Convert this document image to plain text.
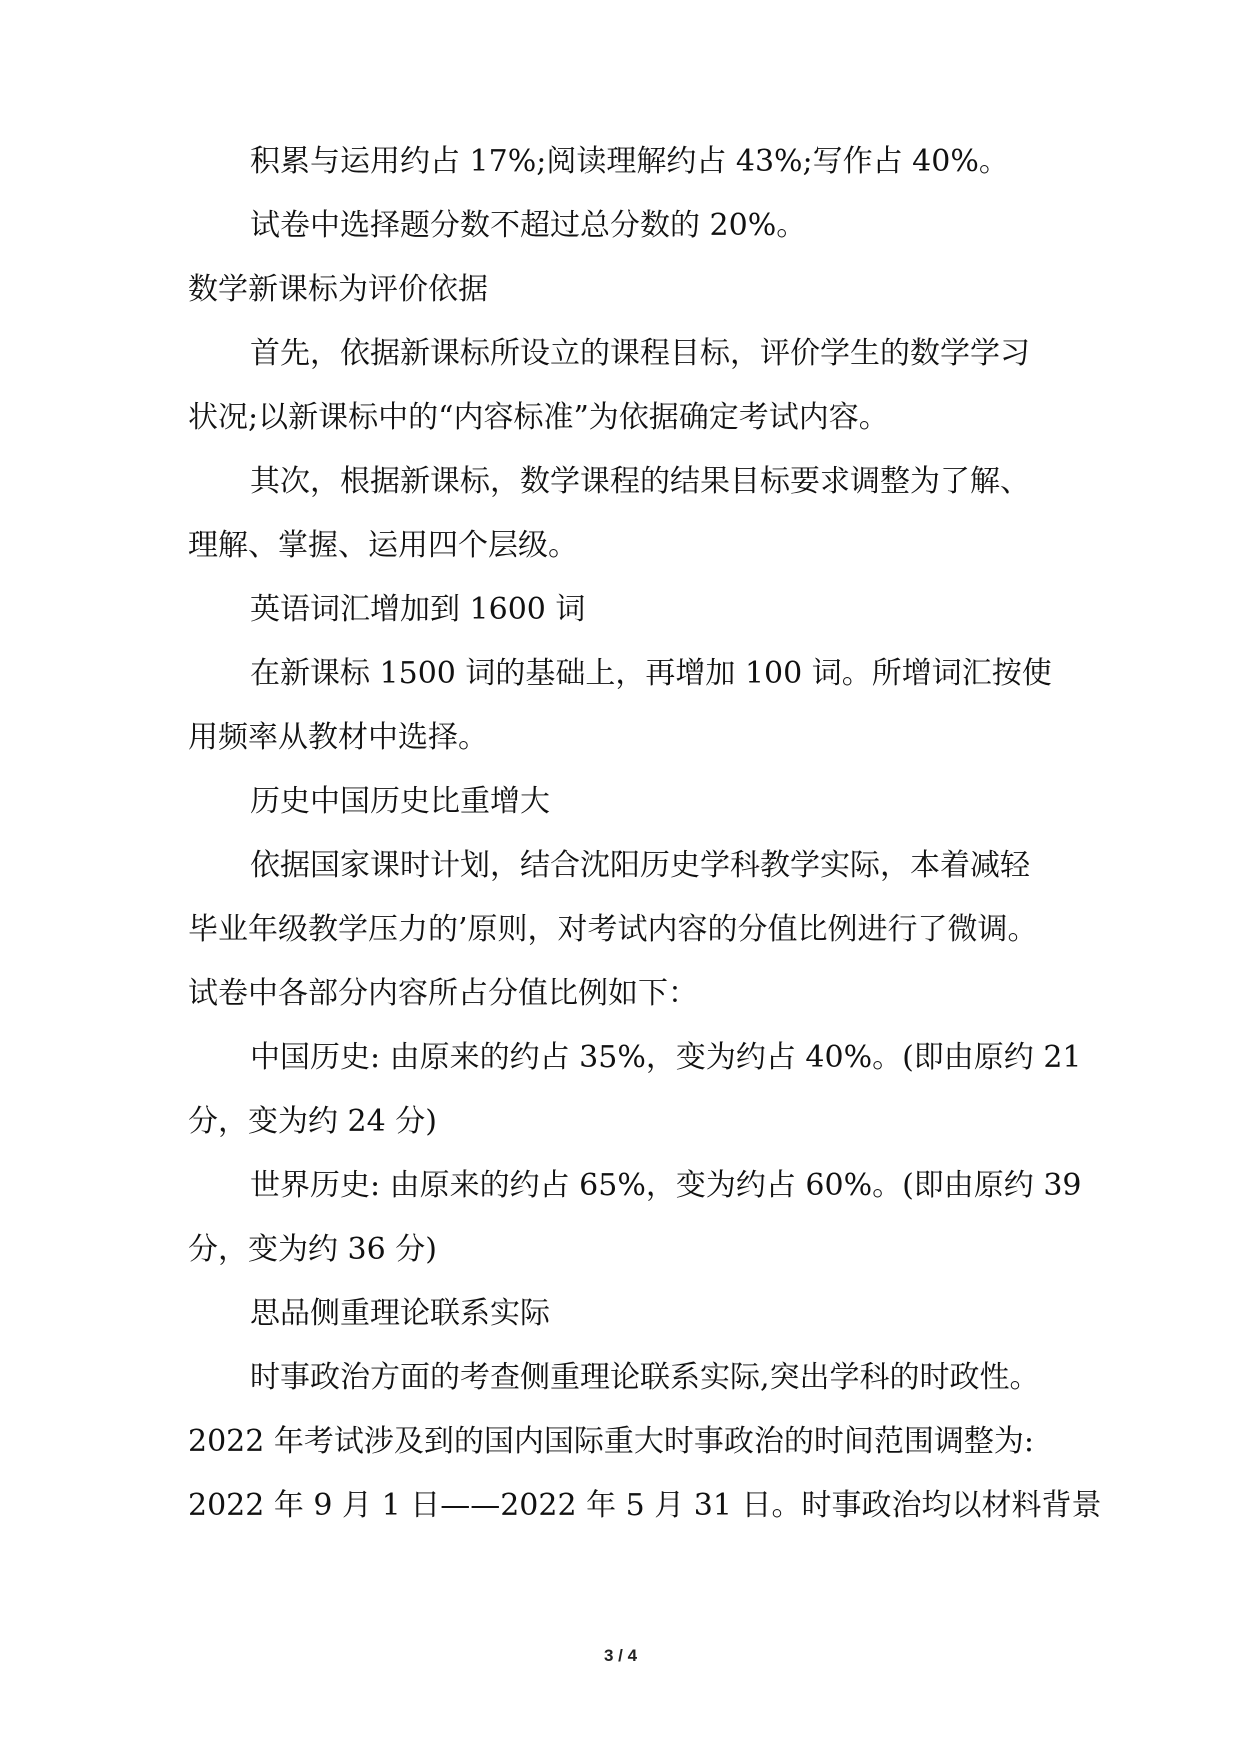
积累与运用约占 17%;阅读理解约占 43%;写作占 40%。

试卷中选择题分数不超过总分数的 20%。

数学新课标为评价依据

首先，依据新课标所设立的课程目标，评价学生的数学学习

状况;以新课标中的“内容标准”为依据确定考试内容。

其次，根据新课标，数学课程的结果目标要求调整为了解、

理解、掌握、运用四个层级。

英语词汇增加到 1600 词

在新课标 1500 词的基础上，再增加 100 词。所增词汇按使

用频率从教材中选择。

历史中国历史比重增大

依据国家课时计划，结合沈阳历史学科教学实际，本着减轻

毕业年级教学压力的’原则，对考试内容的分值比例进行了微调。

试卷中各部分内容所占分值比例如下：

中国历史: 由原来的约占 35%，变为约占 40%。(即由原约 21

分，变为约 24 分)

世界历史: 由原来的约占 65%，变为约占 60%。(即由原约 39

分，变为约 36 分)

思品侧重理论联系实际

时事政治方面的考查侧重理论联系实际,突出学科的时政性。

2022 年考试涉及到的国内国际重大时事政治的时间范围调整为:

2022 年 9 月 1 日——2022 年 5 月 31 日。时事政治均以材料背景

3 / 4
